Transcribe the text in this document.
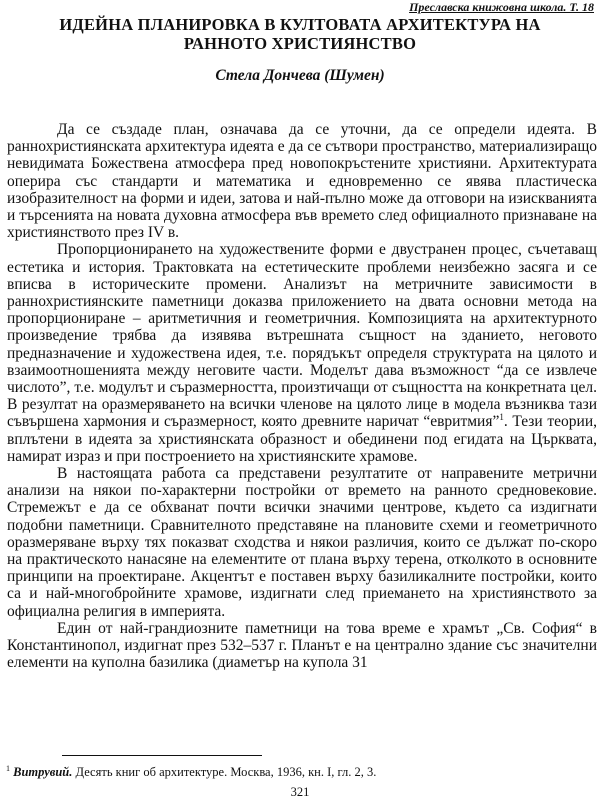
Преславска книжовна школа. Т. 18
ИДЕЙНА ПЛАНИРОВКА В КУЛТОВАТА АРХИТЕКТУРА НА РАННОТО ХРИСТИЯНСТВО
Стела Дончева (Шумен)

Да се създаде план, означава да се уточни, да се определи идеята. В раннохристиянската архитектура идеята е да се сътвори пространство, материализиращо невидимата Божествена атмосфера пред новопокръстените християни. Архитектурата оперира със стандарти и математика и едновременно се явява пластическа изобразителност на форми и идеи, затова и най-пълно може да отговори на изискванията и търсенията на новата духовна атмосфера във времето след официалното признаване на християнството през IV в.

Пропорционирането на художествените форми е двустранен процес, съчетаващ естетика и история. Трактовката на естетическите проблеми неизбежно засяга и се вписва в историческите промени. Анализът на метричните зависимости в раннохристиянските паметници доказва приложението на двата основни метода на пропорциониране – аритметичния и геометричния. Композицията на архитектурното произведение трябва да изявява вътрешната същност на зданието, неговото предназначение и художествена идея, т.е. порядъкът определя структурата на цялото и взаимоотношенията между неговите части. Моделът дава възможност “да се извлече числото”, т.е. модулът и съразмерността, произтичащи от същността на конкретната цел. В резултат на оразмеряването на всички членове на цялото лице в модела възниква тази съвършена хармония и съразмерност, която древните наричат “евритмия”$^1$. Тези теории, вплътени в идеята за християнската образност и обединени под егидата на Църквата, намират израз и при построението на християнските храмове.

В настоящата работа са представени резултатите от направените метрични анализи на някои по-характерни постройки от времето на ранното средновековие. Стремежът е да се обхванат почти всички значими центрове, където са издигнати подобни паметници. Сравнителното представяне на плановите схеми и геометричното оразмеряване върху тях показват сходства и някои различия, които се дължат по-скоро на практическото нанасяне на елементите от плана върху терена, отколкото в основните принципи на проектиране. Акцентът е поставен върху базиликалните постройки, които са и най-многобройните храмове, издигнати след приемането на християнството за официална религия в империята.

Един от най-грандиозните паметници на това време е храмът „Св. София“ в Константинопол, издигнат през 532–537 г. Планът е на централно здание със значителни елементи на куполна базилика (диаметър на купола 31

$^1$ Витрувий. Десять книг об архитектуре. Москва, 1936, кн. I, гл. 2, 3.
321
